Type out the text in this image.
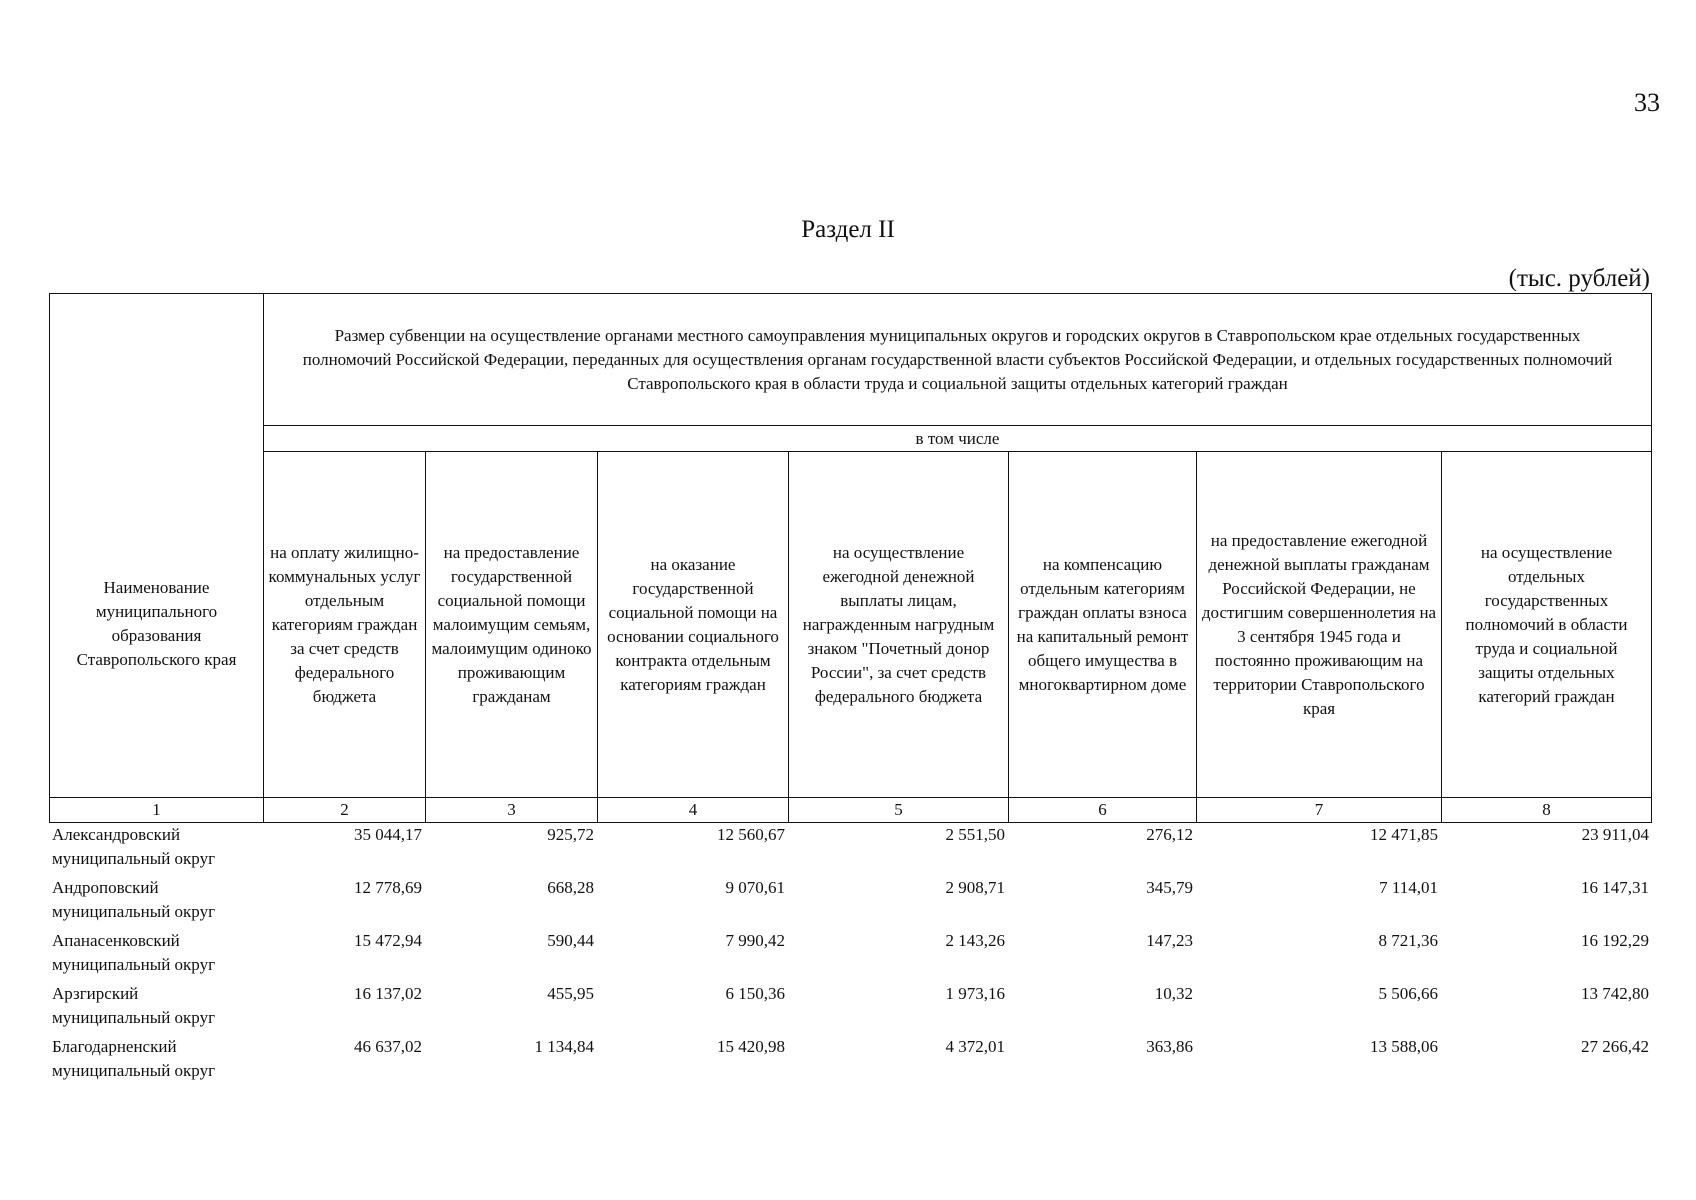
33
Раздел II
(тыс. рублей)
Наименование муниципального образования Ставропольского края
Размер субвенции на осуществление органами местного самоуправления муниципальных округов и городских округов в Ставропольском крае отдельных государственных полномочий Российской Федерации, переданных для осуществления органам государственной власти субъектов Российской Федерации, и отдельных государственных полномочий Ставропольского края в области труда и социальной защиты отдельных категорий граждан
в том числе
на оплату жилищно-коммунальных услуг отдельным категориям граждан за счет средств федерального бюджета
на предоставление государственной социальной помощи малоимущим семьям, малоимущим одиноко проживающим гражданам
на оказание государственной социальной помощи на основании социального контракта отдельным категориям граждан
на осуществление ежегодной денежной выплаты лицам, награжденным нагрудным знаком "Почетный донор России", за счет средств федерального бюджета
на компенсацию отдельным категориям граждан оплаты взноса на капитальный ремонт общего имущества в многоквартирном доме
на предоставление ежегодной денежной выплаты гражданам Российской Федерации, не достигшим совершеннолетия на 3 сентября 1945 года и постоянно проживающим на территории Ставропольского края
на осуществление отдельных государственных полномочий в области труда и социальной защиты отдельных категорий граждан
1	2	3	4	5	6	7	8
Александровский
муниципальный округ
35 044,17	925,72	12 560,67	2 551,50	276,12	12 471,85	23 911,04
Андроповский
муниципальный округ
12 778,69	668,28	9 070,61	2 908,71	345,79	7 114,01	16 147,31
Апанасенковский
муниципальный округ
15 472,94	590,44	7 990,42	2 143,26	147,23	8 721,36	16 192,29
Арзгирский
муниципальный округ
16 137,02	455,95	6 150,36	1 973,16	10,32	5 506,66	13 742,80
Благодарненский
муниципальный округ
46 637,02	1 134,84	15 420,98	4 372,01	363,86	13 588,06	27 266,42
